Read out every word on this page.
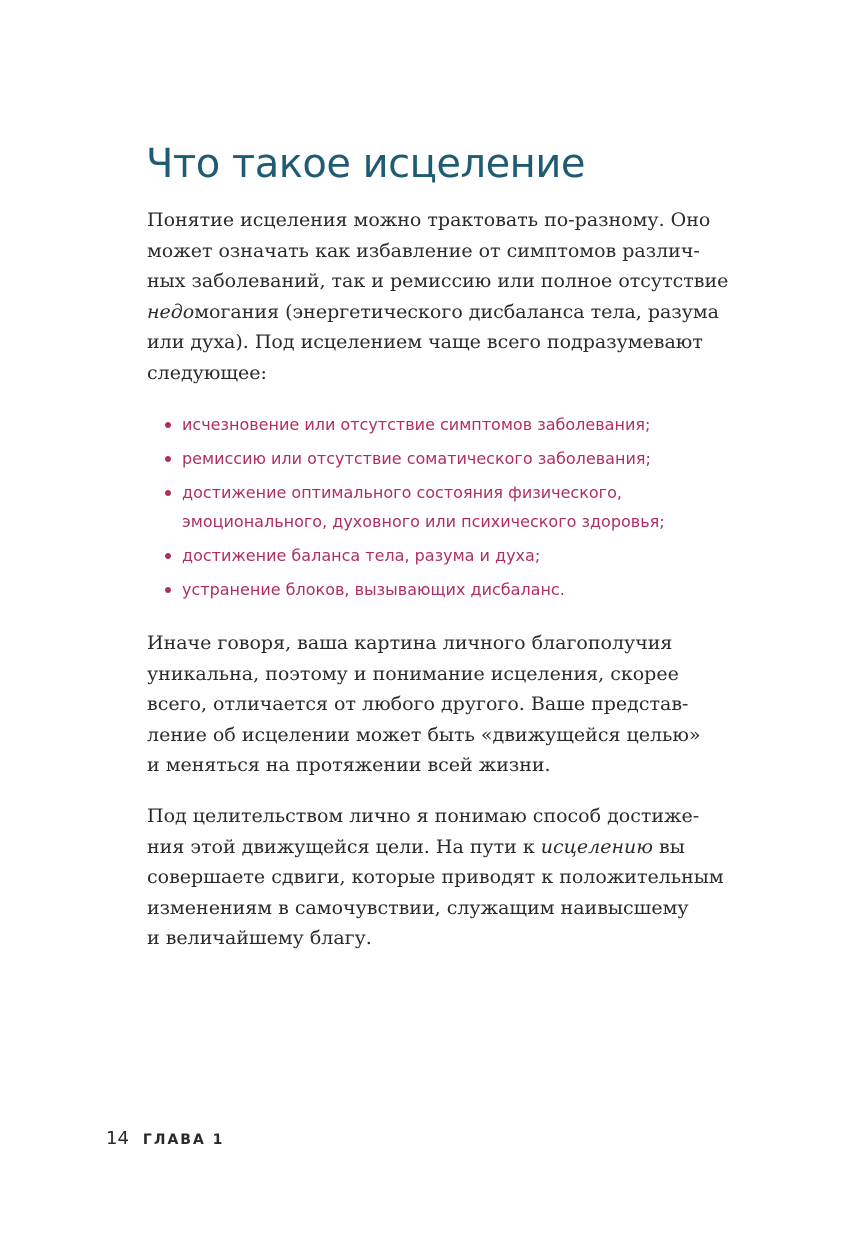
Что такое исцеление

Понятие исцеления можно трактовать по-разному. Оно
может означать как избавление от симптомов различ-
ных заболеваний, так и ремиссию или полное отсутствие
недомогания (энергетического дисбаланса тела, разума
или духа). Под исцелением чаще всего подразумевают
следующее:

исчезновение или отсутствие симптомов заболевания;
ремиссию или отсутствие соматического заболевания;
достижение оптимального состояния физического,
эмоционального, духовного или психического здоровья;
достижение баланса тела, разума и духа;
устранение блоков, вызывающих дисбаланс.

Иначе говоря, ваша картина личного благополучия
уникальна, поэтому и понимание исцеления, скорее
всего, отличается от любого другого. Ваше представ-
ление об исцелении может быть «движущейся целью»
и меняться на протяжении всей жизни.

Под целительством лично я понимаю способ достиже-
ния этой движущейся цели. На пути к исцелению вы
совершаете сдвиги, которые приводят к положительным
изменениям в самочувствии, служащим наивысшему
и величайшему благу.

14 ГЛАВА 1
